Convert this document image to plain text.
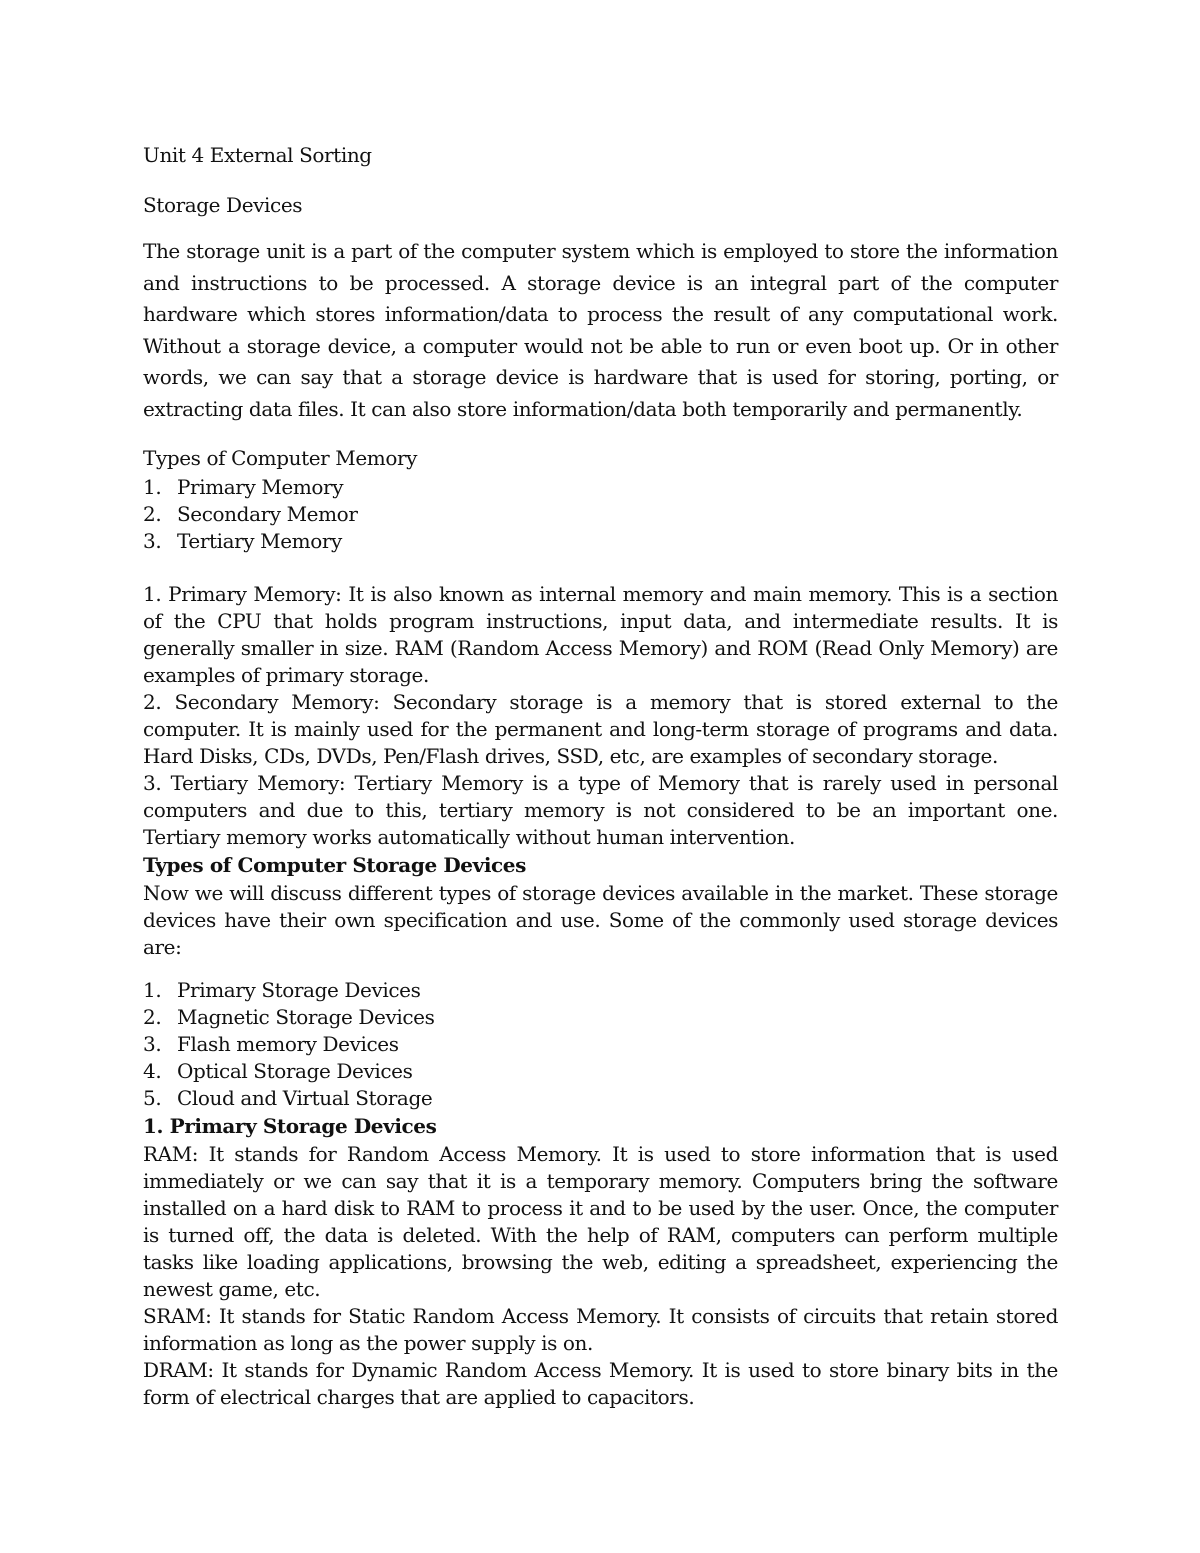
Unit 4 External Sorting

Storage Devices

The storage unit is a part of the computer system which is employed to store the information and instructions to be processed. A storage device is an integral part of the computer hardware which stores information/data to process the result of any computational work. Without a storage device, a computer would not be able to run or even boot up. Or in other words, we can say that a storage device is hardware that is used for storing, porting, or extracting data files. It can also store information/data both temporarily and permanently.

Types of Computer Memory

1. Primary Memory
2. Secondary Memor
3. Tertiary Memory

1. Primary Memory: It is also known as internal memory and main memory. This is a section of the CPU that holds program instructions, input data, and intermediate results. It is generally smaller in size. RAM (Random Access Memory) and ROM (Read Only Memory) are examples of primary storage.

2. Secondary Memory: Secondary storage is a memory that is stored external to the computer. It is mainly used for the permanent and long-term storage of programs and data. Hard Disks, CDs, DVDs, Pen/Flash drives, SSD, etc, are examples of secondary storage.

3. Tertiary Memory: Tertiary Memory is a type of Memory that is rarely used in personal computers and due to this, tertiary memory is not considered to be an important one. Tertiary memory works automatically without human intervention.

Types of Computer Storage Devices

Now we will discuss different types of storage devices available in the market. These storage devices have their own specification and use. Some of the commonly used storage devices are:

1. Primary Storage Devices
2. Magnetic Storage Devices
3. Flash memory Devices
4. Optical Storage Devices
5. Cloud and Virtual Storage

1. Primary Storage Devices

RAM: It stands for Random Access Memory. It is used to store information that is used immediately or we can say that it is a temporary memory. Computers bring the software installed on a hard disk to RAM to process it and to be used by the user. Once, the computer is turned off, the data is deleted. With the help of RAM, computers can perform multiple tasks like loading applications, browsing the web, editing a spreadsheet, experiencing the newest game, etc.

SRAM: It stands for Static Random Access Memory. It consists of circuits that retain stored information as long as the power supply is on.

DRAM: It stands for Dynamic Random Access Memory. It is used to store binary bits in the form of electrical charges that are applied to capacitors.
